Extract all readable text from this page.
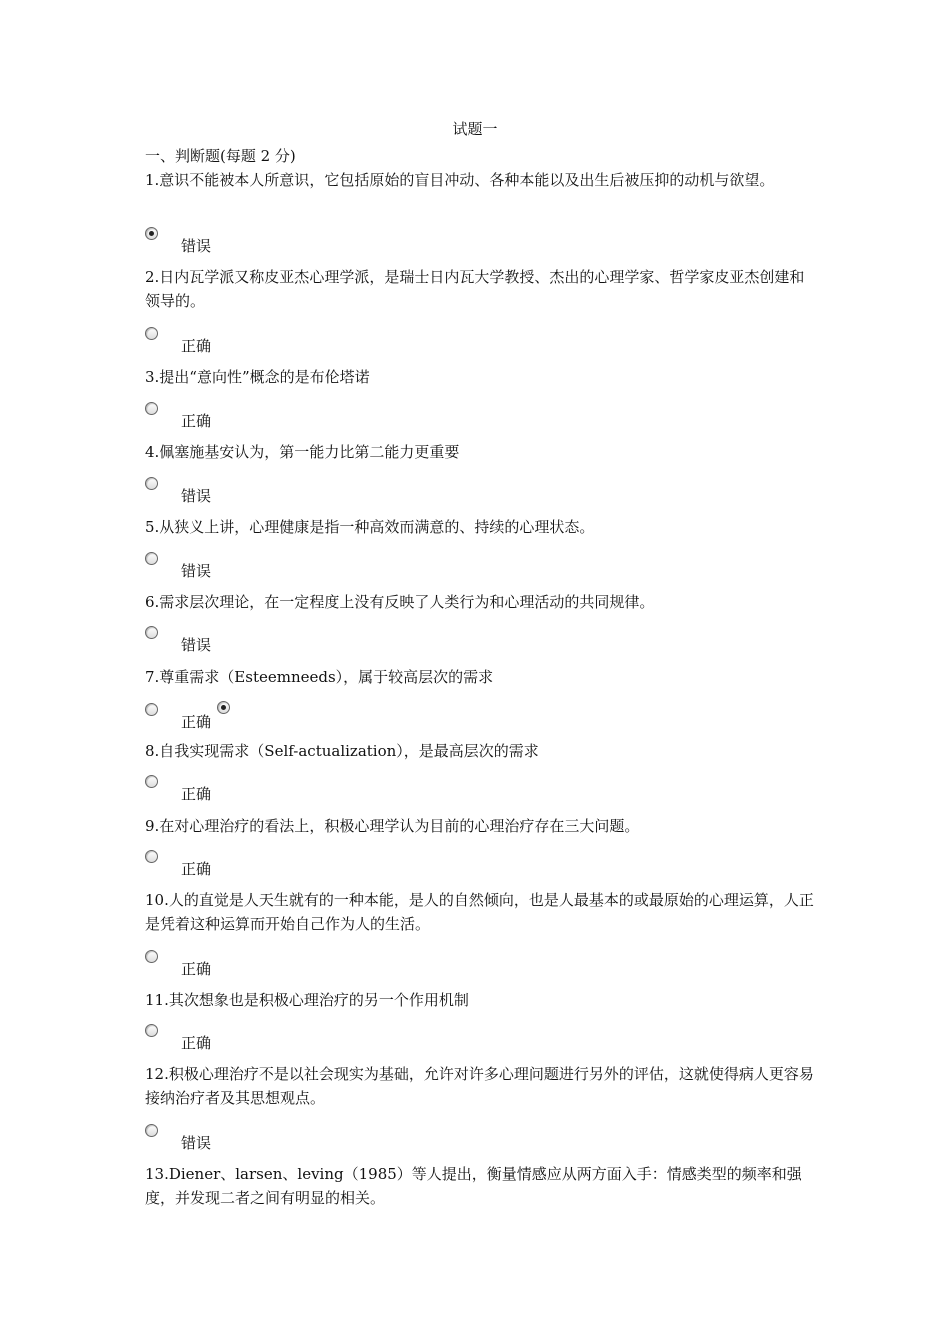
试题一
一、判断题(每题 2 分)
1.意识不能被本人所意识，它包括原始的盲目冲动、各种本能以及出生后被压抑的动机与欲望。
错误
2.日内瓦学派又称皮亚杰心理学派，是瑞士日内瓦大学教授、杰出的心理学家、哲学家皮亚杰创建和领导的。
正确
3.提出“意向性”概念的是布伦塔诺
正确
4.佩塞施基安认为，第一能力比第二能力更重要
错误
5.从狭义上讲，心理健康是指一种高效而满意的、持续的心理状态。
错误
6.需求层次理论，在一定程度上没有反映了人类行为和心理活动的共同规律。
错误
7.尊重需求（Esteemneeds），属于较高层次的需求
正确
8.自我实现需求（Self-actualization），是最高层次的需求
正确
9.在对心理治疗的看法上，积极心理学认为目前的心理治疗存在三大问题。
正确
10.人的直觉是人天生就有的一种本能，是人的自然倾向，也是人最基本的或最原始的心理运算，人正是凭着这种运算而开始自己作为人的生活。
正确
11.其次想象也是积极心理治疗的另一个作用机制
正确
12.积极心理治疗不是以社会现实为基础，允许对许多心理问题进行另外的评估，这就使得病人更容易接纳治疗者及其思想观点。
错误
13.Diener、larsen、leving（1985）等人提出，衡量情感应从两方面入手：情感类型的频率和强度，并发现二者之间有明显的相关。
